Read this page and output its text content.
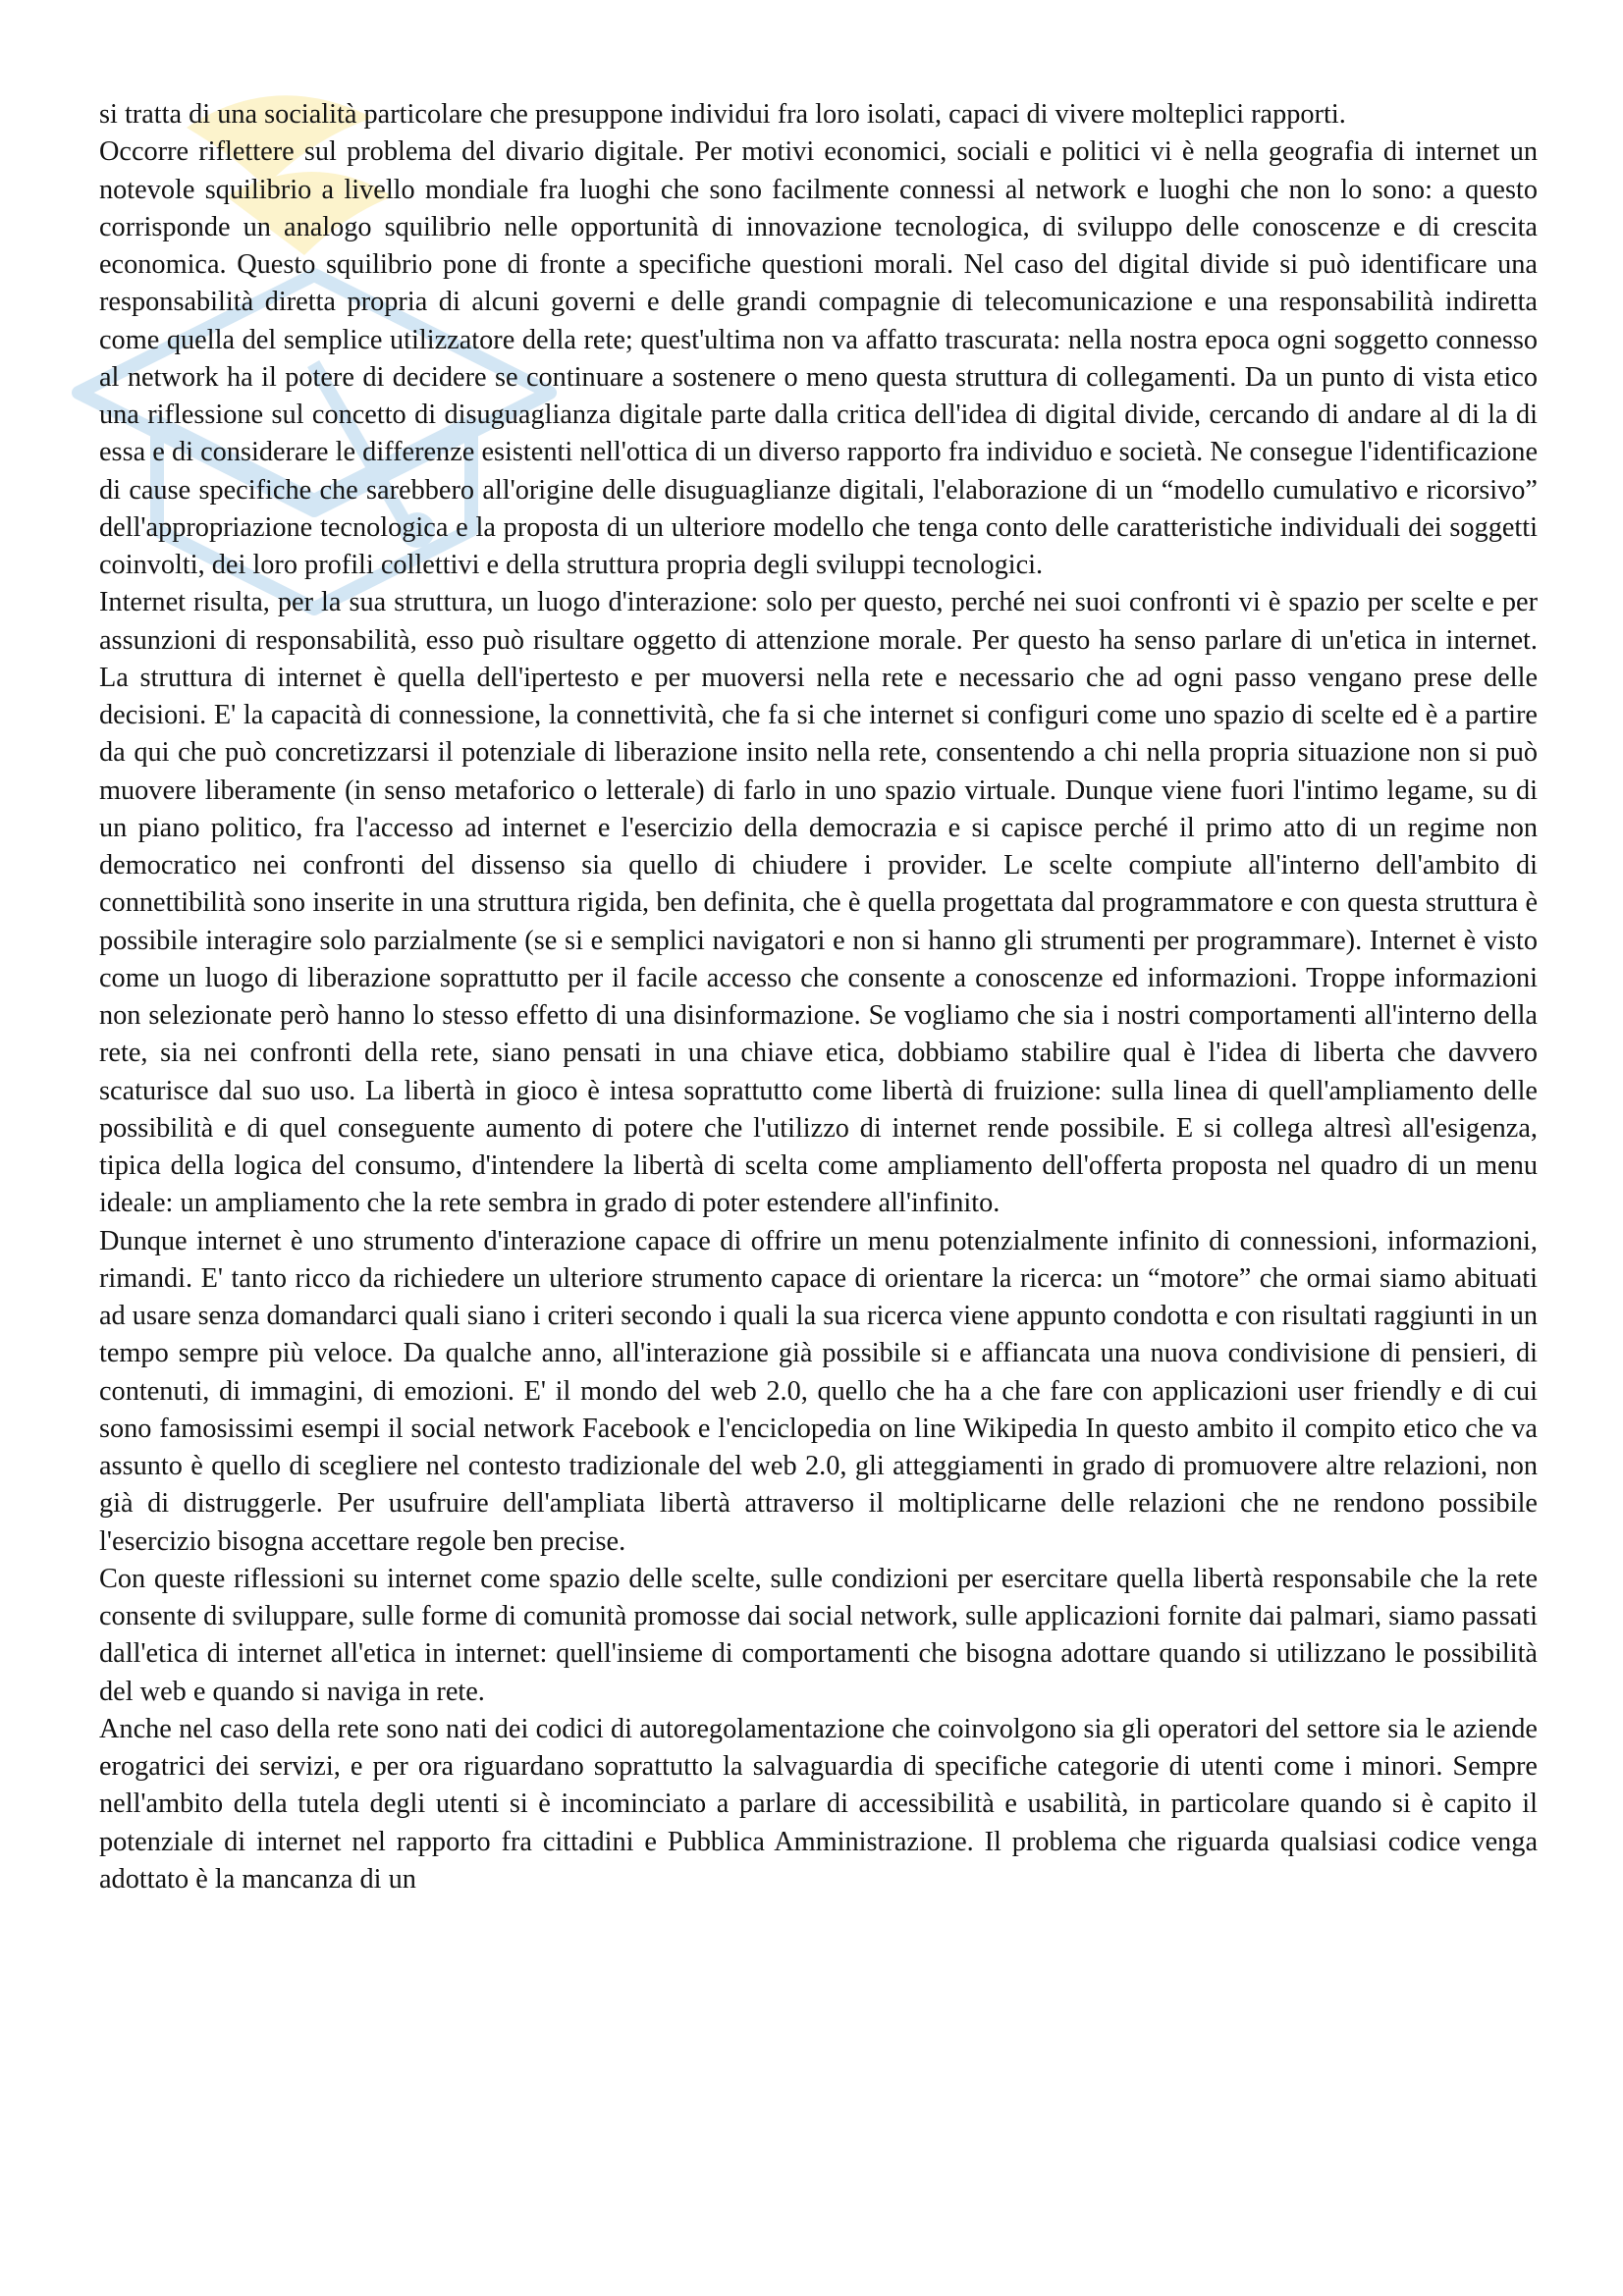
si tratta di una socialità particolare che presuppone individui fra loro isolati, capaci di vivere molteplici rapporti.

Occorre riflettere sul problema del divario digitale. Per motivi economici, sociali e politici vi è nella geografia di internet un notevole squilibrio a livello mondiale fra luoghi che sono facilmente connessi al network e luoghi che non lo sono: a questo corrisponde un analogo squilibrio nelle opportunità di innovazione tecnologica, di sviluppo delle conoscenze e di crescita economica. Questo squilibrio pone di fronte a specifiche questioni morali. Nel caso del digital divide si può identificare una responsabilità diretta propria di alcuni governi e delle grandi compagnie di telecomunicazione e una responsabilità indiretta come quella del semplice utilizzatore della rete; quest'ultima non va affatto trascurata: nella nostra epoca ogni soggetto connesso al network ha il potere di decidere se continuare a sostenere o meno questa struttura di collegamenti. Da un punto di vista etico una riflessione sul concetto di disuguaglianza digitale parte dalla critica dell'idea di digital divide, cercando di andare al di la di essa e di considerare le differenze esistenti nell'ottica di un diverso rapporto fra individuo e società. Ne consegue l'identificazione di cause specifiche che sarebbero all'origine delle disuguaglianze digitali, l'elaborazione di un “modello cumulativo e ricorsivo” dell'appropriazione tecnologica e la proposta di un ulteriore modello che tenga conto delle caratteristiche individuali dei soggetti coinvolti, dei loro profili collettivi e della struttura propria degli sviluppi tecnologici.

Internet risulta, per la sua struttura, un luogo d'interazione: solo per questo, perché nei suoi confronti vi è spazio per scelte e per assunzioni di responsabilità, esso può risultare oggetto di attenzione morale. Per questo ha senso parlare di un'etica in internet. La struttura di internet è quella dell'ipertesto e per muoversi nella rete e necessario che ad ogni passo vengano prese delle decisioni. E' la capacità di connessione, la connettività, che fa si che internet si configuri come uno spazio di scelte ed è a partire da qui che può concretizzarsi il potenziale di liberazione insito nella rete, consentendo a chi nella propria situazione non si può muovere liberamente (in senso metaforico o letterale) di farlo in uno spazio virtuale. Dunque viene fuori l'intimo legame, su di un piano politico, fra l'accesso ad internet e l'esercizio della democrazia e si capisce perché il primo atto di un regime non democratico nei confronti del dissenso sia quello di chiudere i provider. Le scelte compiute all'interno dell'ambito di connettibilità sono inserite in una struttura rigida, ben definita, che è quella progettata dal programmatore e con questa struttura è possibile interagire solo parzialmente (se si e semplici navigatori e non si hanno gli strumenti per programmare). Internet è visto come un luogo di liberazione soprattutto per il facile accesso che consente a conoscenze ed informazioni. Troppe informazioni non selezionate però hanno lo stesso effetto di una disinformazione. Se vogliamo che sia i nostri comportamenti all'interno della rete, sia nei confronti della rete, siano pensati in una chiave etica, dobbiamo stabilire qual è l'idea di liberta che davvero scaturisce dal suo uso. La libertà in gioco è intesa soprattutto come libertà di fruizione: sulla linea di quell'ampliamento delle possibilità e di quel conseguente aumento di potere che l'utilizzo di internet rende possibile. E si collega altresì all'esigenza, tipica della logica del consumo, d'intendere la libertà di scelta come ampliamento dell'offerta proposta nel quadro di un menu ideale: un ampliamento che la rete sembra in grado di poter estendere all'infinito.

Dunque internet è uno strumento d'interazione capace di offrire un menu potenzialmente infinito di connessioni, informazioni, rimandi. E' tanto ricco da richiedere un ulteriore strumento capace di orientare la ricerca: un “motore” che ormai siamo abituati ad usare senza domandarci quali siano i criteri secondo i quali la sua ricerca viene appunto condotta e con risultati raggiunti in un tempo sempre più veloce. Da qualche anno, all'interazione già possibile si e affiancata una nuova condivisione di pensieri, di contenuti, di immagini, di emozioni. E' il mondo del web 2.0, quello che ha a che fare con applicazioni user friendly e di cui sono famosissimi esempi il social network Facebook e l'enciclopedia on line Wikipedia In questo ambito il compito etico che va assunto è quello di scegliere nel contesto tradizionale del web 2.0, gli atteggiamenti in grado di promuovere altre relazioni, non già di distruggerle. Per usufruire dell'ampliata libertà attraverso il moltiplicarne delle relazioni che ne rendono possibile l'esercizio bisogna accettare regole ben precise.

Con queste riflessioni su internet come spazio delle scelte, sulle condizioni per esercitare quella libertà responsabile che la rete consente di sviluppare, sulle forme di comunità promosse dai social network, sulle applicazioni fornite dai palmari, siamo passati dall'etica di internet all'etica in internet: quell'insieme di comportamenti che bisogna adottare quando si utilizzano le possibilità del web e quando si naviga in rete.

Anche nel caso della rete sono nati dei codici di autoregolamentazione che coinvolgono sia gli operatori del settore sia le aziende erogatrici dei servizi, e per ora riguardano soprattutto la salvaguardia di specifiche categorie di utenti come i minori. Sempre nell'ambito della tutela degli utenti si è incominciato a parlare di accessibilità e usabilità, in particolare quando si è capito il potenziale di internet nel rapporto fra cittadini e Pubblica Amministrazione. Il problema che riguarda qualsiasi codice venga adottato è la mancanza di un
